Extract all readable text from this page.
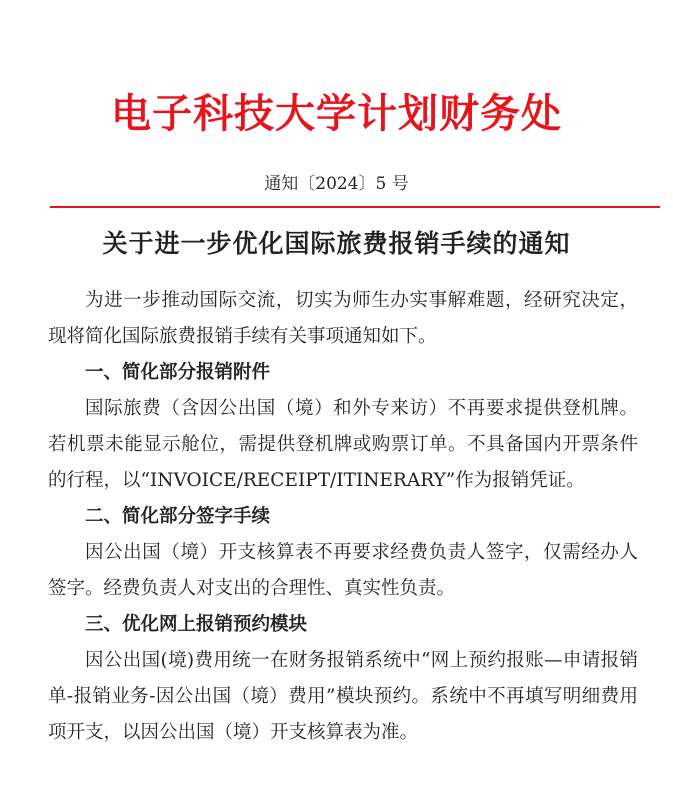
电子科技大学计划财务处
通知〔2024〕5 号
关于进一步优化国际旅费报销手续的通知

为进一步推动国际交流，切实为师生办实事解难题，经研究决定，现将简化国际旅费报销手续有关事项通知如下。

一、简化部分报销附件

国际旅费（含因公出国（境）和外专来访）不再要求提供登机牌。若机票未能显示舱位，需提供登机牌或购票订单。不具备国内开票条件的行程，以“INVOICE/RECEIPT/ITINERARY”作为报销凭证。

二、简化部分签字手续

因公出国（境）开支核算表不再要求经费负责人签字，仅需经办人签字。经费负责人对支出的合理性、真实性负责。

三、优化网上报销预约模块

因公出国(境)费用统一在财务报销系统中“网上预约报账—申请报销单-报销业务-因公出国（境）费用”模块预约。系统中不再填写明细费用项开支，以因公出国（境）开支核算表为准。
